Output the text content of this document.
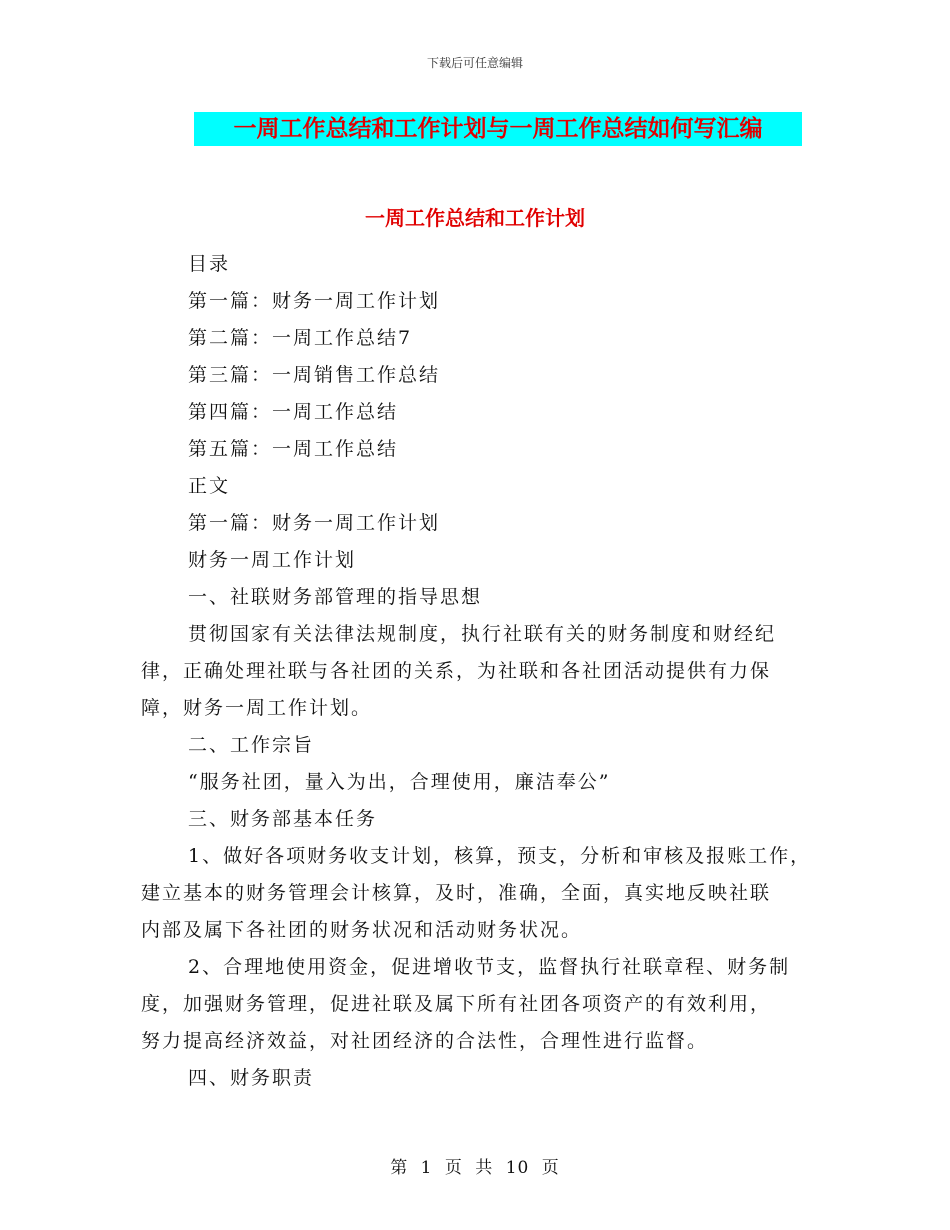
下载后可任意编辑
一周工作总结和工作计划与一周工作总结如何写汇编
一周工作总结和工作计划
目录
第一篇：财务一周工作计划
第二篇：一周工作总结7
第三篇：一周销售工作总结
第四篇：一周工作总结
第五篇：一周工作总结
正文
第一篇：财务一周工作计划
财务一周工作计划
一、社联财务部管理的指导思想
贯彻国家有关法律法规制度，执行社联有关的财务制度和财经纪
律，正确处理社联与各社团的关系，为社联和各社团活动提供有力保
障，财务一周工作计划。
二、工作宗旨
“服务社团，量入为出，合理使用，廉洁奉公”
三、财务部基本任务
1、做好各项财务收支计划，核算，预支，分析和审核及报账工作，
建立基本的财务管理会计核算，及时，准确，全面，真实地反映社联
内部及属下各社团的财务状况和活动财务状况。
2、合理地使用资金，促进增收节支，监督执行社联章程、财务制
度，加强财务管理，促进社联及属下所有社团各项资产的有效利用，
努力提高经济效益，对社团经济的合法性，合理性进行监督。
四、财务职责
第 1 页 共 10 页
